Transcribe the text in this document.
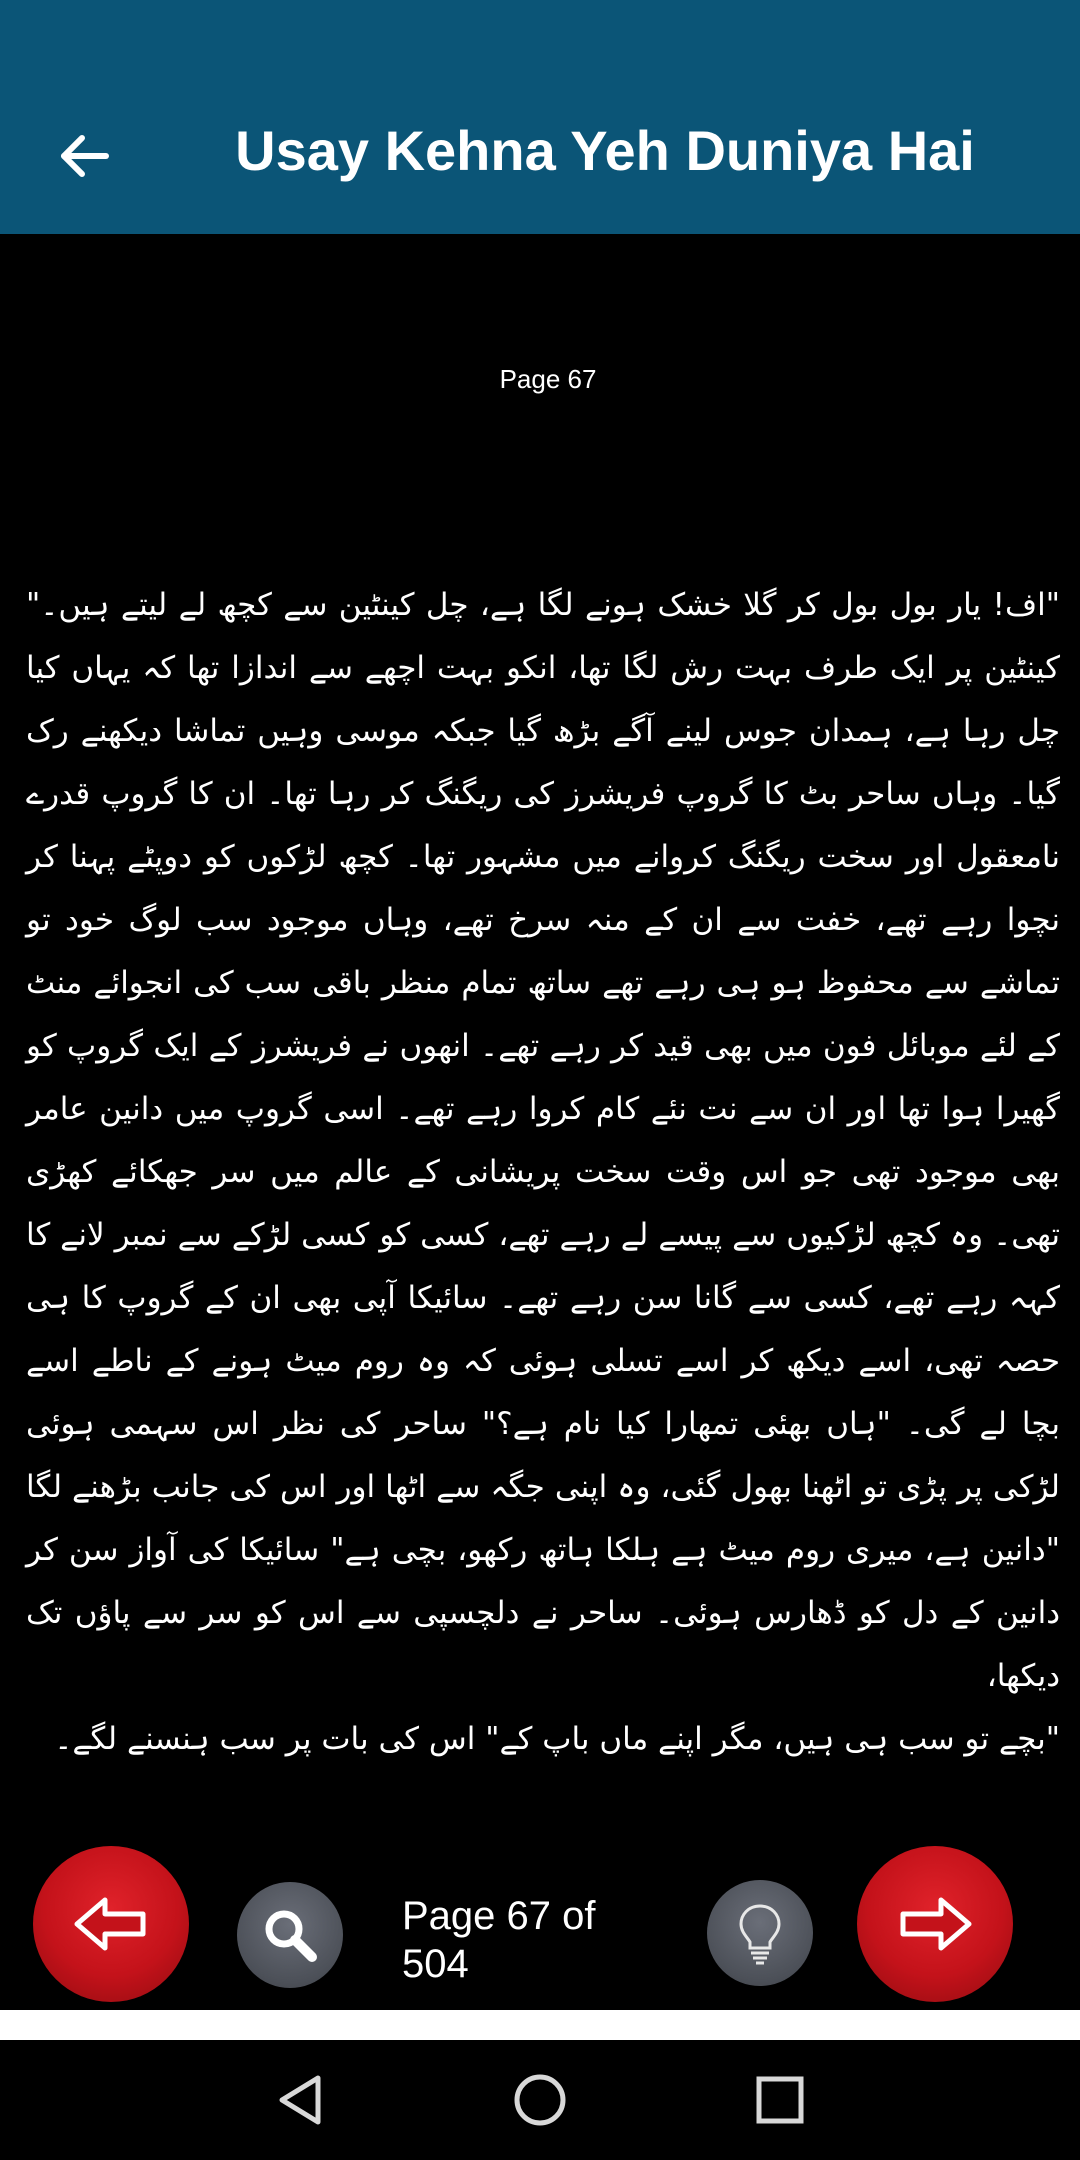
Usay Kehna Yeh Duniya Hai
Page 67
"اف! یار بول بول کر گلا خشک ہونے لگا ہے، چل کینٹین سے کچھ لے لیتے ہیں۔" کینٹین پر ایک طرف بہت رش لگا تھا، انکو بہت اچھے سے اندازا تھا کہ یہاں کیا چل رہا ہے، ہمدان جوس لینے آگے بڑھ گیا جبکہ موسی وہیں تماشا دیکھنے رک گیا۔ وہاں ساحر بٹ کا گروپ فریشرز کی ریگنگ کر رہا تھا۔ ان کا گروپ قدرے نامعقول اور سخت ریگنگ کروانے میں مشہور تھا۔ کچھ لڑکوں کو دوپٹے پہنا کر نچوا رہے تھے، خفت سے ان کے منہ سرخ تھے، وہاں موجود سب لوگ خود تو تماشے سے محفوظ ہو ہی رہے تھے ساتھ تمام منظر باقی سب کی انجوائے منٹ کے لئے موبائل فون میں بھی قید کر رہے تھے۔ انھوں نے فریشرز کے ایک گروپ کو گھیرا ہوا تھا اور ان سے نت نئے کام کروا رہے تھے۔ اسی گروپ میں دانین عامر بھی موجود تھی جو اس وقت سخت پریشانی کے عالم میں سر جھکائے کھڑی تھی۔ وہ کچھ لڑکیوں سے پیسے لے رہے تھے، کسی کو کسی لڑکے سے نمبر لانے کا کہہ رہے تھے، کسی سے گانا سن رہے تھے۔ سائیکا آپی بھی ان کے گروپ کا ہی حصہ تھی، اسے دیکھ کر اسے تسلی ہوئی کہ وہ روم میٹ ہونے کے ناطے اسے بچا لے گی۔ "ہاں بھئی تمھارا کیا نام ہے؟" ساحر کی نظر اس سہمی ہوئی لڑکی پر پڑی تو اٹھنا بھول گئی، وہ اپنی جگہ سے اٹھا اور اس کی جانب بڑھنے لگا "دانین ہے، میری روم میٹ ہے ہلکا ہاتھ رکھو، بچی ہے" سائیکا کی آواز سن کر دانین کے دل کو ڈھارس ہوئی۔ ساحر نے دلچسپی سے اس کو سر سے پاؤں تک دیکھا،
"بچے تو سب ہی ہیں، مگر اپنے ماں باپ کے" اس کی بات پر سب ہنسنے لگے۔
Page 67 of 504
